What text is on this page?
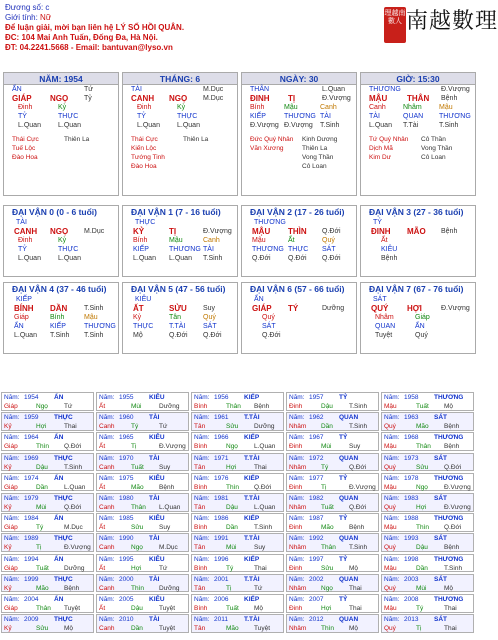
Đương số: c
Giới tính: Nữ
Để luận giải, mời bạn liên hệ LÝ SỐ HỒI QUÂN.
ĐC: 104 Mai Anh Tuấn, Đống Đa, Hà Nội.
ĐT: 04.2241.5668 - Email: bantuvan@lyso.vn
理越南 數人 南越數理
NĂM: 1954
ẤN	Tứ
GIÁP NGỌ Tỷ
Đinh	Kỷ
TỶ	THỰC
L.Quan L.Quan
Thái Cực	Thiên La
Tuế Lộc
Đào Hoa
THÁNG: 6
TÀI	M.Dục
CANH NGỌ M.Dục
Đinh	Kỷ
TỶ	THỰC
L.Quan L.Quan
Thái Cực	Thiên La
Kiến Lộc
Tướng Tinh
Đào Hoa
NGÀY: 30
THÂN	L.Quan
ĐINH TỊ	Đ.Vượng
Bính	Mậu	Canh
KIẾP	THƯƠNG TÀI
Đ.Vượng Đ.Vượng T.Sinh
Đức Quý Nhân Kinh Dương
Văn Xương	Thiên La
Vong Thần
Cô Loan
GIỜ: 15:30
THƯƠNG	Đ.Vượng
MẬU THÂN Bệnh
Canh Nhâm Mậu
TÀI	QUAN THƯƠNG
L.Quan T.Tài	T.Sinh
Tứ Quý Nhân Cô Thần
Dịch Mã	Vong Thần
Kim Dư	Cô Loan
ĐẠI VẬN 0 (0 - 6 tuổi)
TÀI
CANH NGỌ M.Dục
Đinh	Kỷ
TỶ	THỰC
L.Quan L.Quan
ĐẠI VẬN 1 (7 - 16 tuổi)
THỰC
KỶ	TỊ	Đ.Vượng
Bính	Mậu	Canh
KIẾP	THƯƠNG TÀI
L.Quan L.Quan T.Sinh
ĐẠI VẬN 2 (17 - 26 tuổi)
THƯƠNG
MẬU THÌN Q.Đới
Mậu	Ất	Quý
THƯƠNG THỰC SÁT
Q.Đới Q.Đới Q.Đới
ĐẠI VẬN 3 (27 - 36 tuổi)
TỶ
ĐINH MÃO Bệnh
Ất
KIÊU
Bệnh
ĐẠI VẬN 4 (37 - 46 tuổi)
KIẾP
BÍNH DẦN T.Sinh
Giáp	Bính	Mậu
ẤN	KIẾP	THƯƠNG
L.Quan T.Sinh T.Sinh
ĐẠI VẬN 5 (47 - 56 tuổi)
KIÊU
ẤT	SỬU Suy
Kỷ	Tân	Quý
THỰC T.TÀI	SÁT
Mộ	Q.Đới Q.Đới
ĐẠI VẬN 6 (57 - 66 tuổi)
ẤN
GIÁP TÝ	Dưỡng
Quý
SÁT
Q.Đới
ĐẠI VẬN 7 (67 - 76 tuổi)
SÁT
QUÝ HỢI	Đ.Vượng
Nhâm	Giáp
QUAN	ẤN
Tuyệt	Quý
Năm: 1954 ẤN
Giáp	Ngọ Tứ
Năm: 1955 KIÊU
Ất	Mùi	Dưỡng
Năm: 1956 KIẾP
Bính	Thân Bệnh
Năm: 1957 TỶ
Đinh	Dậu T.Sinh
Năm: 1958 THƯƠNG
Mậu	Tuất Mộ
Năm: 1959 THỰC
Kỷ	Hợi	Thai
Năm: 1960 TÀI
Canh	Tý	Tứ
Năm: 1961 T.TÀI
Tân	Sửu Dưỡng
Năm: 1962 QUAN
Nhâm Dần T.Sinh
Năm: 1963 SÁT
Quý	Mão Bệnh
Năm: 1964 ẤN
Giáp	Thìn Q.Đới
Năm: 1965 KIÊU
Ất	Tị	Đ.Vượng
Năm: 1966 KIẾP
Bính	Ngọ L.Quan
Năm: 1967 TỶ
Đinh	Mùi	Suy
Năm: 1968 THƯƠNG
Mậu	Thân Bệnh
Năm: 1969 THỰC
Kỷ	Dậu T.Sinh
Năm: 1970 TÀI
Canh	Tuất Suy
Năm: 1971 T.TÀI
Tân	Hợi	Thai
Năm: 1972 QUAN
Nhâm Tý	Q.Đới
Năm: 1973 SÁT
Quý	Sửu Q.Đới
Năm: 1974 ẤN
Giáp	Dần L.Quan
Năm: 1975 KIÊU
Ất	Mão Bệnh
Năm: 1976 KIẾP
Bính	Thìn Q.Đới
Năm: 1977 TỶ
Đinh	Tị	Đ.Vượng
Năm: 1978 THƯƠNG
Mậu	Ngọ Đ.Vượng
Năm: 1979 THỰC
Kỷ	Mùi	Q.Đới
Năm: 1980 TÀI
Canh	Thân L.Quan
Năm: 1981 T.TÀI
Tân	Dậu L.Quan
Năm: 1982 QUAN
Nhâm Tuất Q.Đới
Năm: 1983 SÁT
Quý	Hợi	Đ.Vượng
Năm: 1984 ẤN
Giáp	Tý	M.Dục
Năm: 1985 KIÊU
Ất	Sửu Suy
Năm: 1986 KIẾP
Bính	Dần T.Sinh
Năm: 1987 TỶ
Đinh	Mão Bệnh
Năm: 1988 THƯƠNG
Mậu	Thìn Q.Đới
Năm: 1989 THỰC
Kỷ	Tị	Đ.Vượng
Năm: 1990 TÀI
Canh	Ngọ M.Dục
Năm: 1991 T.TÀI
Tân	Mùi	Suy
Năm: 1992 QUAN
Nhâm Thân T.Sinh
Năm: 1993 SÁT
Quý	Dậu Bệnh
Năm: 1994 ẤN
Giáp	Tuất Dưỡng
Năm: 1995 KIÊU
Ất	Hợi	Tứ
Năm: 1996 KIẾP
Bính	Tý	Thai
Năm: 1997 TỶ
Đinh	Sửu Mộ
Năm: 1998 THƯƠNG
Mậu	Dần T.Sinh
Năm: 1999 THỰC
Kỷ	Mão Bệnh
Năm: 2000 TÀI
Canh	Thìn Dưỡng
Năm: 2001 T.TÀI
Tân	Tị	Tứ
Năm: 2002 QUAN
Nhâm Ngọ Thai
Năm: 2003 SÁT
Quý	Mùi	Mộ
Năm: 2004 ẤN
Giáp	Thân Tuyệt
Năm: 2005 KIÊU
Ất	Dậu Tuyệt
Năm: 2006 KIẾP
Bính	Tuất Mộ
Năm: 2007 TỶ
Đinh	Hợi	Thai
Năm: 2008 THƯƠNG
Mậu	Tý	Thai
Năm: 2009 THỰC
Kỷ	Sửu Mộ
Năm: 2010 TÀI
Canh	Dần Tuyệt
Năm: 2011 T.TÀI
Tân	Mão Tuyệt
Năm: 2012 QUAN
Nhâm Thìn Mộ
Năm: 2013 SÁT
Quý	Tị	Thai
